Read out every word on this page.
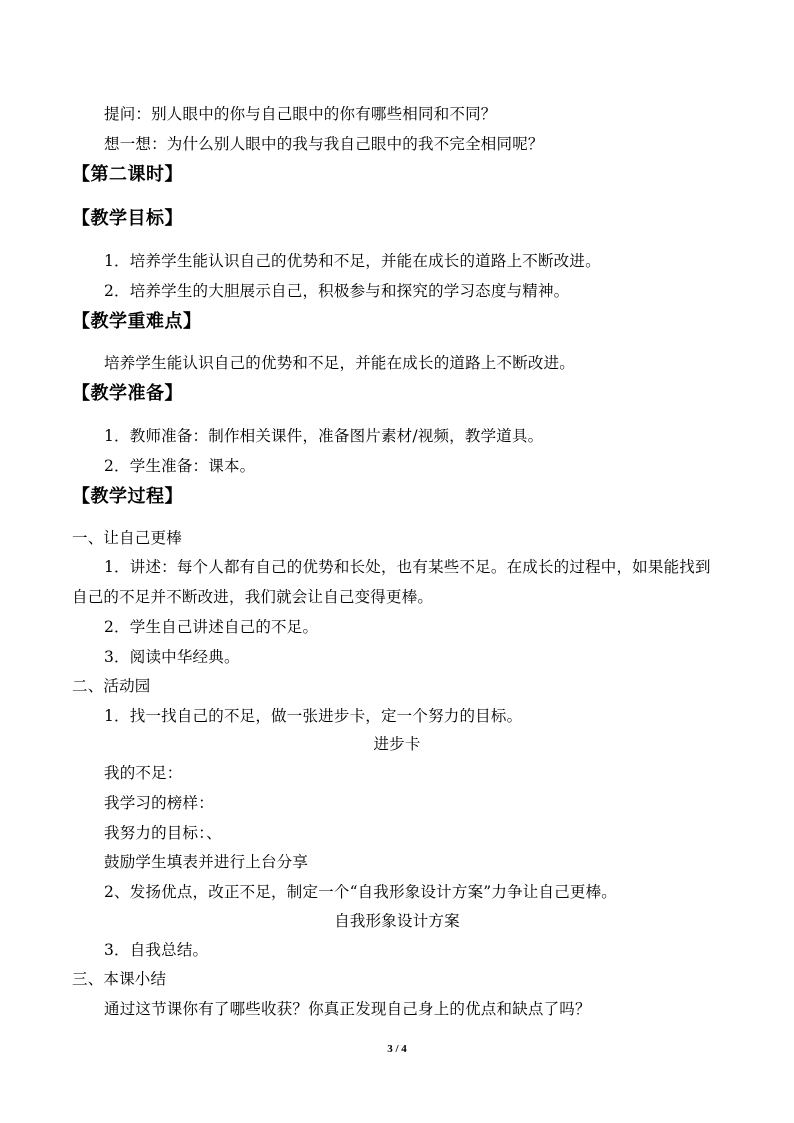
提问：别人眼中的你与自己眼中的你有哪些相同和不同？
想一想：为什么别人眼中的我与我自己眼中的我不完全相同呢？
【第二课时】
【教学目标】
1．培养学生能认识自己的优势和不足，并能在成长的道路上不断改进。
2．培养学生的大胆展示自己，积极参与和探究的学习态度与精神。
【教学重难点】
培养学生能认识自己的优势和不足，并能在成长的道路上不断改进。
【教学准备】
1．教师准备：制作相关课件，准备图片素材/视频，教学道具。
2．学生准备：课本。
【教学过程】
一、让自己更棒
1．讲述：每个人都有自己的优势和长处，也有某些不足。在成长的过程中，如果能找到
自己的不足并不断改进，我们就会让自己变得更棒。
2．学生自己讲述自己的不足。
3．阅读中华经典。
二、活动园
1．找一找自己的不足，做一张进步卡，定一个努力的目标。
进步卡
我的不足：
我学习的榜样：
我努力的目标：、
鼓励学生填表并进行上台分享
2、发扬优点，改正不足，制定一个“自我形象设计方案”力争让自己更棒。
自我形象设计方案
3．自我总结。
三、本课小结
通过这节课你有了哪些收获？你真正发现自己身上的优点和缺点了吗？
3 / 4
